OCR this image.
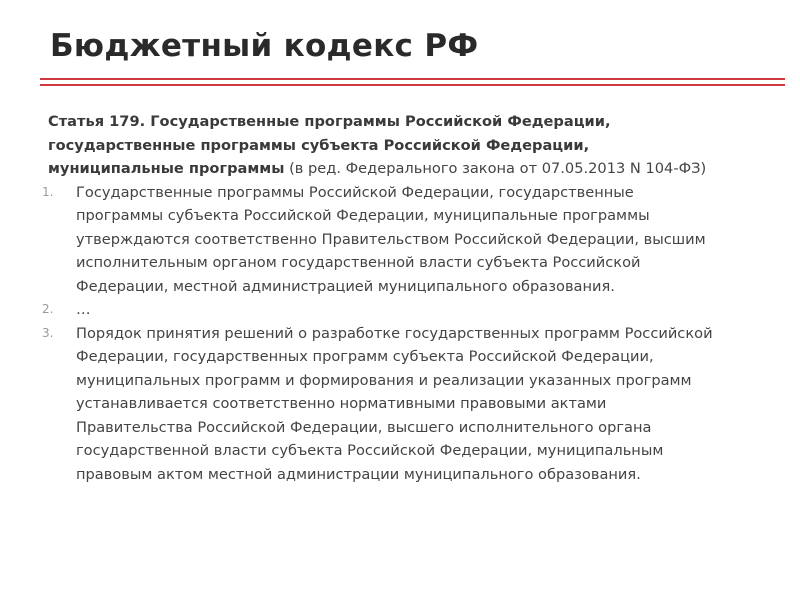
Бюджетный кодекс РФ

Статья 179. Государственные программы Российской Федерации, государственные программы субъекта Российской Федерации, муниципальные программы (в ред. Федерального закона от 07.05.2013 N 104-ФЗ)

1. Государственные программы Российской Федерации, государственные программы субъекта Российской Федерации, муниципальные программы утверждаются соответственно Правительством Российской Федерации, высшим исполнительным органом государственной власти субъекта Российской Федерации, местной администрацией муниципального образования.
2. …
3. Порядок принятия решений о разработке государственных программ Российской Федерации, государственных программ субъекта Российской Федерации, муниципальных программ и формирования и реализации указанных программ устанавливается соответственно нормативными правовыми актами Правительства Российской Федерации, высшего исполнительного органа государственной власти субъекта Российской Федерации, муниципальным правовым актом местной администрации муниципального образования.
